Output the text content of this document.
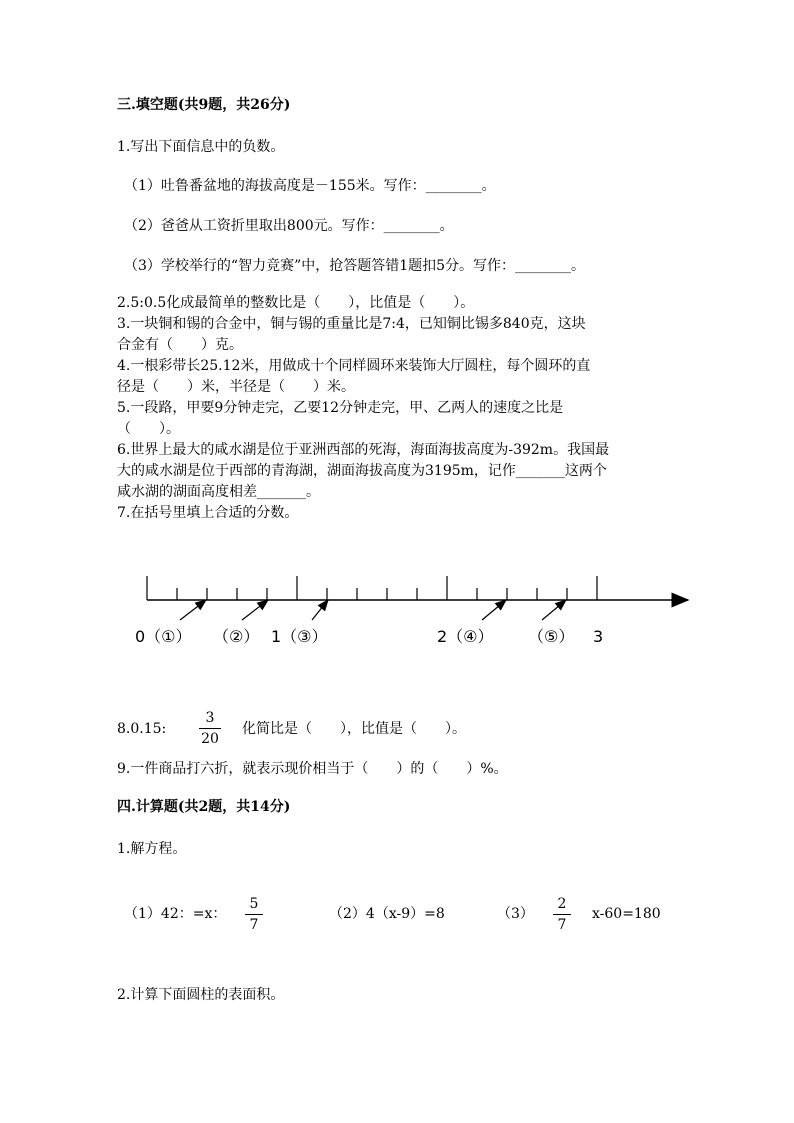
三.填空题(共9题，共26分)
1.写出下面信息中的负数。
（1）吐鲁番盆地的海拔高度是－155米。写作：________。
（2）爸爸从工资折里取出800元。写作：________。
（3）学校举行的“智力竞赛”中，抢答题答错1题扣5分。写作：________。
2.5:0.5化成最简单的整数比是（　　），比值是（　　）。
3.一块铜和锡的合金中，铜与锡的重量比是7:4，已知铜比锡多840克，这块
合金有（　　）克。
4.一根彩带长25.12米，用做成十个同样圆环来装饰大厅圆柱，每个圆环的直
径是（　　）米，半径是（　　）米。
5.一段路，甲要9分钟走完，乙要12分钟走完，甲、乙两人的速度之比是
（　　）。
6.世界上最大的咸水湖是位于亚洲西部的死海，海面海拔高度为-392m。我国最
大的咸水湖是位于西部的青海湖，湖面海拔高度为3195m，记作_______这两个
咸水湖的湖面高度相差_______。
7.在括号里填上合适的分数。
0（①） （②） 1（③）	2（④） （⑤） 3
8.0.15:
3
20
化简比是（　　），比值是（　　）。
9.一件商品打六折，就表示现价相当于（　　）的（　　）%。
四.计算题(共2题，共14分)
1.解方程。
（1）42：=x：
5
7
（2）4（x-9）=8	（3）
2
7
x-60=180
2.计算下面圆柱的表面积。
